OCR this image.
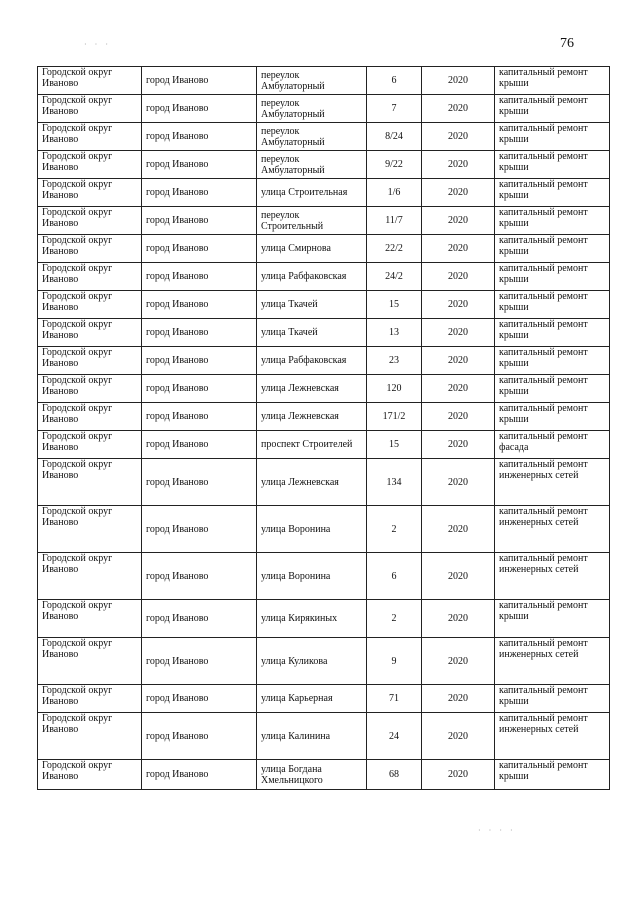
76
· · ·
· · · ·
Городской округ Иваново	город Иваново	переулок Амбулаторный	6	2020	капитальный ремонт крыши
Городской округ Иваново	город Иваново	переулок Амбулаторный	7	2020	капитальный ремонт крыши
Городской округ Иваново	город Иваново	переулок Амбулаторный	8/24	2020	капитальный ремонт крыши
Городской округ Иваново	город Иваново	переулок Амбулаторный	9/22	2020	капитальный ремонт крыши
Городской округ Иваново	город Иваново	улица Строительная	1/6	2020	капитальный ремонт крыши
Городской округ Иваново	город Иваново	переулок Строительный	11/7	2020	капитальный ремонт крыши
Городской округ Иваново	город Иваново	улица Смирнова	22/2	2020	капитальный ремонт крыши
Городской округ Иваново	город Иваново	улица Рабфаковская	24/2	2020	капитальный ремонт крыши
Городской округ Иваново	город Иваново	улица Ткачей	15	2020	капитальный ремонт крыши
Городской округ Иваново	город Иваново	улица Ткачей	13	2020	капитальный ремонт крыши
Городской округ Иваново	город Иваново	улица Рабфаковская	23	2020	капитальный ремонт крыши
Городской округ Иваново	город Иваново	улица Лежневская	120	2020	капитальный ремонт крыши
Городской округ Иваново	город Иваново	улица Лежневская	171/2	2020	капитальный ремонт крыши
Городской округ Иваново	город Иваново	проспект Строителей	15	2020	капитальный ремонт фасада
Городской округ Иваново	город Иваново	улица Лежневская	134	2020	капитальный ремонт инженерных сетей
Городской округ Иваново	город Иваново	улица Воронина	2	2020	капитальный ремонт инженерных сетей
Городской округ Иваново	город Иваново	улица Воронина	6	2020	капитальный ремонт инженерных сетей
Городской округ Иваново	город Иваново	улица Кирякиных	2	2020	капитальный ремонт крыши
Городской округ Иваново	город Иваново	улица Куликова	9	2020	капитальный ремонт инженерных сетей
Городской округ Иваново	город Иваново	улица Карьерная	71	2020	капитальный ремонт крыши
Городской округ Иваново	город Иваново	улица Калинина	24	2020	капитальный ремонт инженерных сетей
Городской округ Иваново	город Иваново	улица Богдана Хмельницкого	68	2020	капитальный ремонт крыши
